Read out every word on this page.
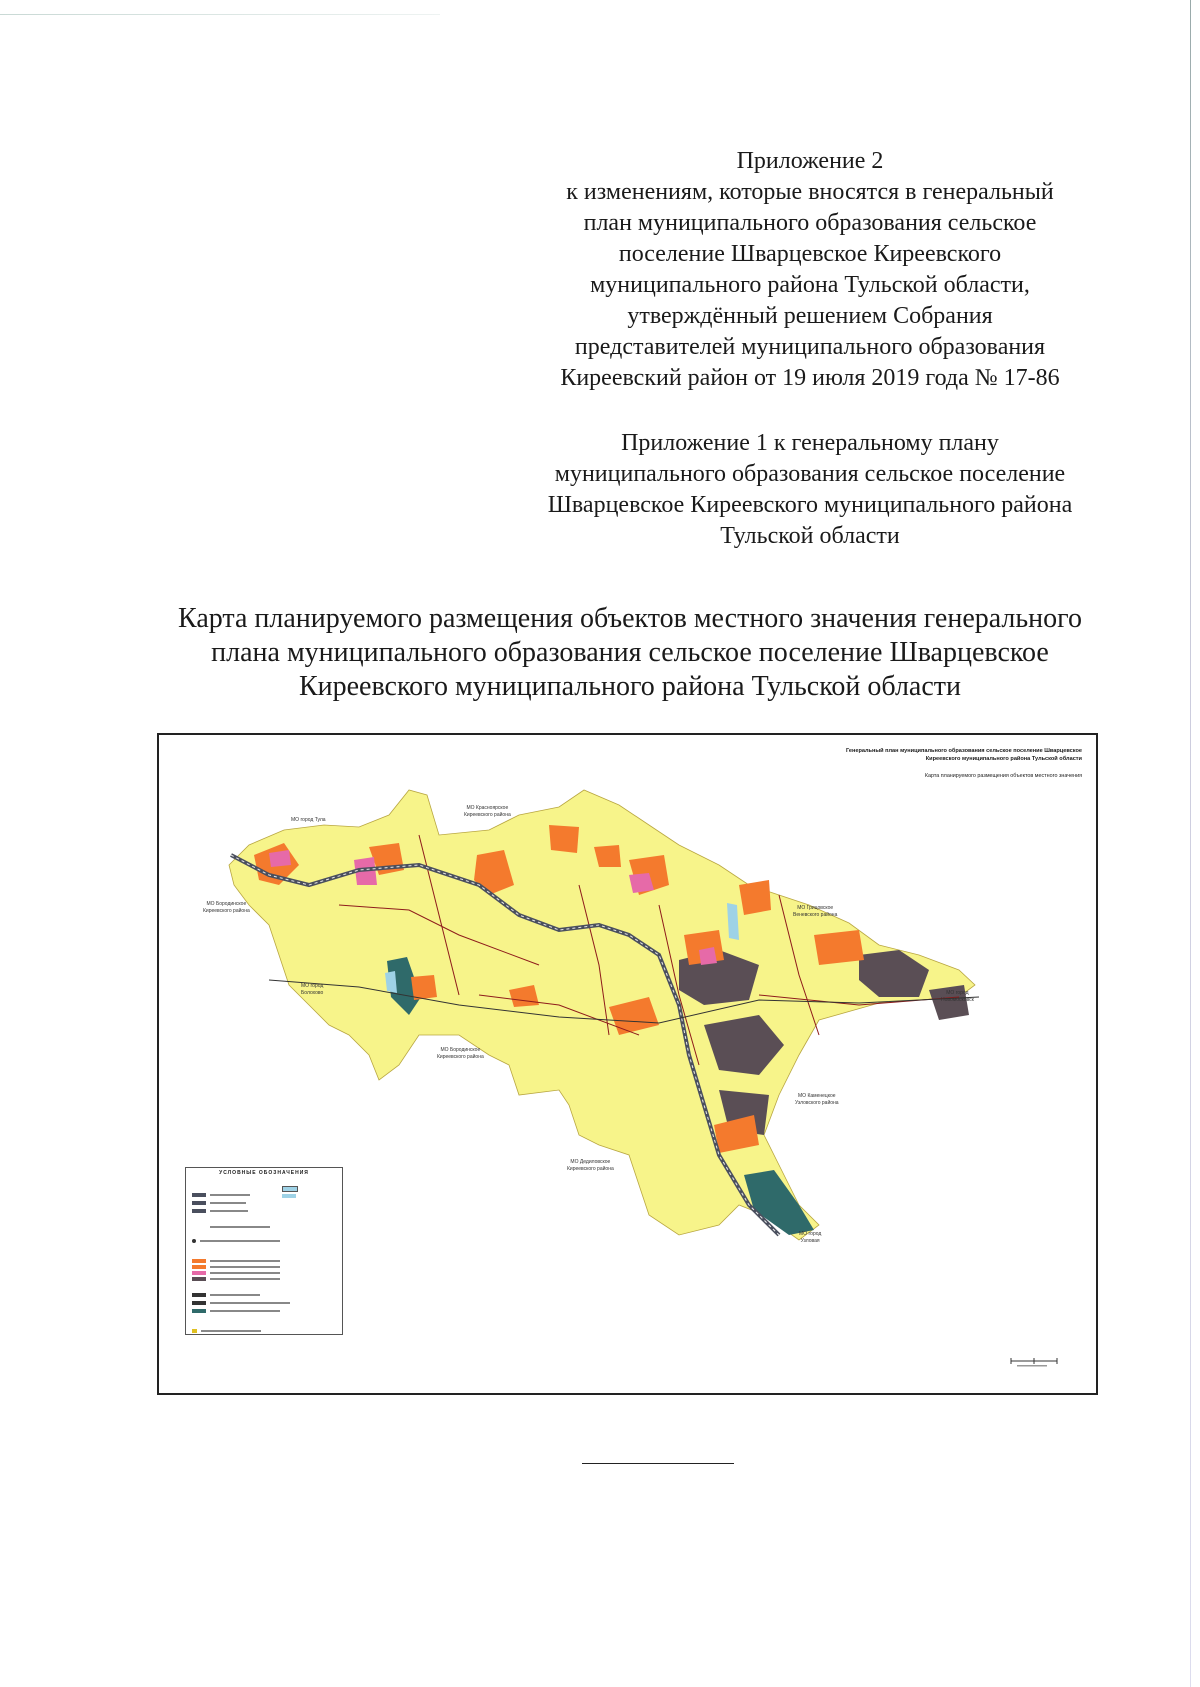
Приложение 2
к изменениям, которые вносятся в генеральный
план муниципального образования сельское
поселение Шварцевское Киреевского
муниципального района Тульской области,
утверждённый решением Собрания
представителей муниципального образования
Киреевский район от 19 июля 2019 года № 17-86
Приложение 1 к генеральному плану
муниципального образования сельское поселение
Шварцевское Киреевского муниципального района
Тульской области
Карта планируемого размещения объектов местного значения генерального
плана муниципального образования сельское поселение Шварцевское
Киреевского муниципального района Тульской области
Генеральный план муниципального образования сельское поселение Шварцевское
Киреевского муниципального района Тульской области
Карта планируемого размещения объектов местного значения
МО город Тула
МО Красноярское
Киреевского района
МО Бородинское
Киреевского района
МО город
Болохово
МО Бородинское
Киреевского района
МО Дедиловское
Киреевского района
МО Грицовское
Веневского района
МО город
Новомосковск
МО Каменецкое
Узловского района
МО город
Узловая
УСЛОВНЫЕ ОБОЗНАЧЕНИЯ
